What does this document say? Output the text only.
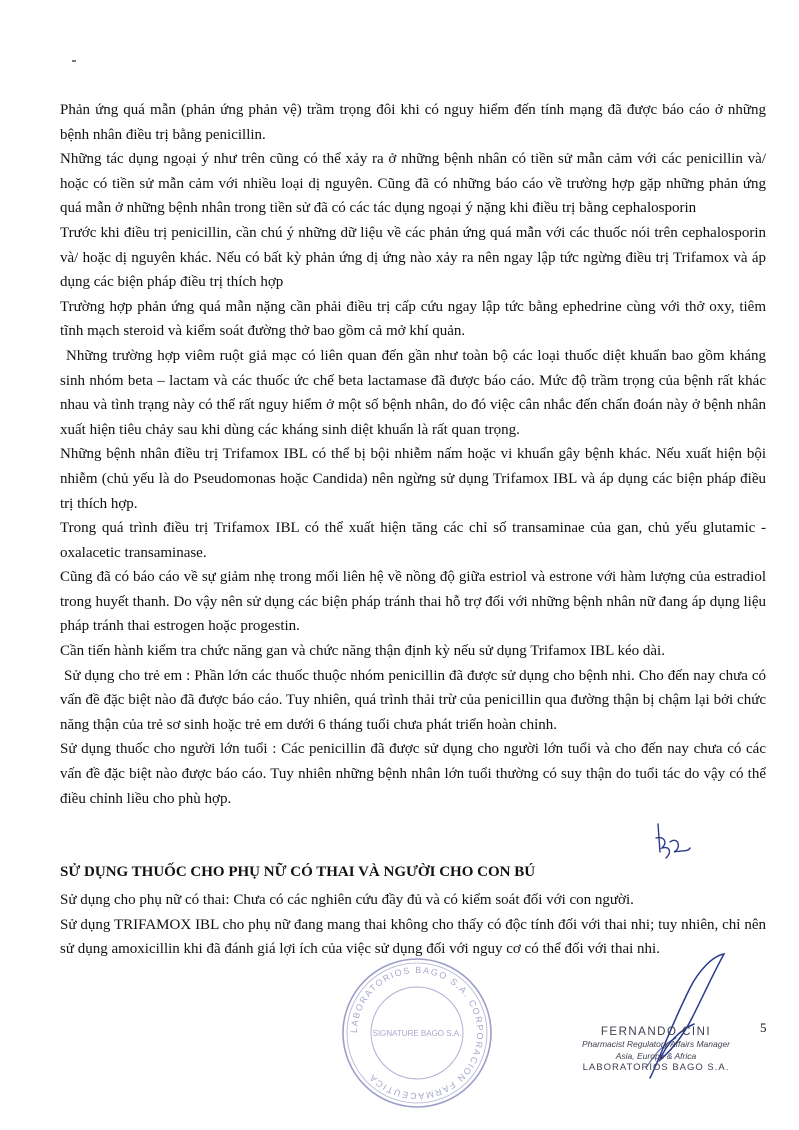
Phản ứng quá mẫn (phản ứng phản vệ) trầm trọng đôi khi có nguy hiểm đến tính mạng đã được báo cáo ở những bệnh nhân điều trị bằng penicillin.

Những tác dụng ngoại ý như trên cũng có thể xảy ra ở những bệnh nhân có tiền sử mẫn cảm với các penicillin và/ hoặc có tiền sử mẫn cảm với nhiều loại dị nguyên. Cũng đã có những báo cáo về trường hợp gặp những phản ứng quá mẫn ở những bệnh nhân trong tiền sử đã có các tác dụng ngoại ý nặng khi điều trị bằng cephalosporin

Trước khi điều trị penicillin, cần chú ý những dữ liệu về các phản ứng quá mẫn với các thuốc nói trên cephalosporin và/ hoặc dị nguyên khác. Nếu có bất kỳ phản ứng dị ứng nào xảy ra nên ngay lập tức ngừng điều trị Trifamox và áp dụng các biện pháp điều trị thích hợp

Trường hợp phản ứng quá mẫn nặng cần phải điều trị cấp cứu ngay lập tức bằng ephedrine cùng với thở oxy, tiêm tĩnh mạch steroid và kiểm soát đường thở bao gồm cả mở khí quản.

Những trường hợp viêm ruột giả mạc có liên quan đến gần như toàn bộ các loại thuốc diệt khuẩn bao gồm kháng sinh nhóm beta – lactam và các thuốc ức chế beta lactamase đã được báo cáo. Mức độ trầm trọng của bệnh rất khác nhau và tình trạng này có thể rất nguy hiểm ở một số bệnh nhân, do đó việc cân nhắc đến chẩn đoán này ở bệnh nhân xuất hiện tiêu chảy sau khi dùng các kháng sinh diệt khuẩn là rất quan trọng.

Những bệnh nhân điều trị Trifamox IBL có thể bị bội nhiễm nấm hoặc vi khuẩn gây bệnh khác. Nếu xuất hiện bội nhiễm (chủ yếu là do Pseudomonas hoặc Candida) nên ngừng sử dụng Trifamox IBL và áp dụng các biện pháp điều trị thích hợp.

Trong quá trình điều trị Trifamox IBL có thể xuất hiện tăng các chỉ số transaminae của gan, chủ yếu glutamic - oxalacetic transaminase.

Cũng đã có báo cáo về sự giảm nhẹ trong mối liên hệ về nồng độ giữa estriol và estrone với hàm lượng của estradiol trong huyết thanh. Do vậy nên sử dụng các biện pháp tránh thai hỗ trợ đối với những bệnh nhân nữ đang áp dụng liệu pháp tránh thai estrogen hoặc progestin.

Cần tiến hành kiểm tra chức năng gan và chức năng thận định kỳ nếu sử dụng Trifamox IBL kéo dài.

Sử dụng cho trẻ em : Phần lớn các thuốc thuộc nhóm penicillin đã được sử dụng cho bệnh nhi. Cho đến nay chưa có vấn đề đặc biệt nào đã được báo cáo. Tuy nhiên, quá trình thải trừ của penicillin qua đường thận bị chậm lại bởi chức năng thận của trẻ sơ sinh hoặc trẻ em dưới 6 tháng tuổi chưa phát triển hoàn chỉnh.

Sử dụng thuốc cho người lớn tuổi : Các penicillin đã được sử dụng cho người lớn tuổi và cho đến nay chưa có các vấn đề đặc biệt nào được báo cáo. Tuy nhiên những bệnh nhân lớn tuổi thường có suy thận do tuổi tác do vậy có thể điều chỉnh liều cho phù hợp.

SỬ DỤNG THUỐC CHO PHỤ NỮ CÓ THAI VÀ NGƯỜI CHO CON BÚ

Sử dụng cho phụ nữ có thai: Chưa có các nghiên cứu đầy đủ và có kiểm soát đối với con người.

Sử dụng TRIFAMOX IBL cho phụ nữ đang mang thai không cho thấy có độc tính đối với thai nhi; tuy nhiên, chỉ nên sử dụng amoxicillin khi đã đánh giá lợi ích của việc sử dụng đối với nguy cơ có thể đối với thai nhi.

LABORATORIOS BAGO S.A. CORPORACION FARMACEUTICA
SIGNATURE BAGO S.A.	FERNANDO CINI
Pharmacist Regulatory Affairs Manager
Asia, Europe & Africa
LABORATORIOS BAGO S.A.
5
